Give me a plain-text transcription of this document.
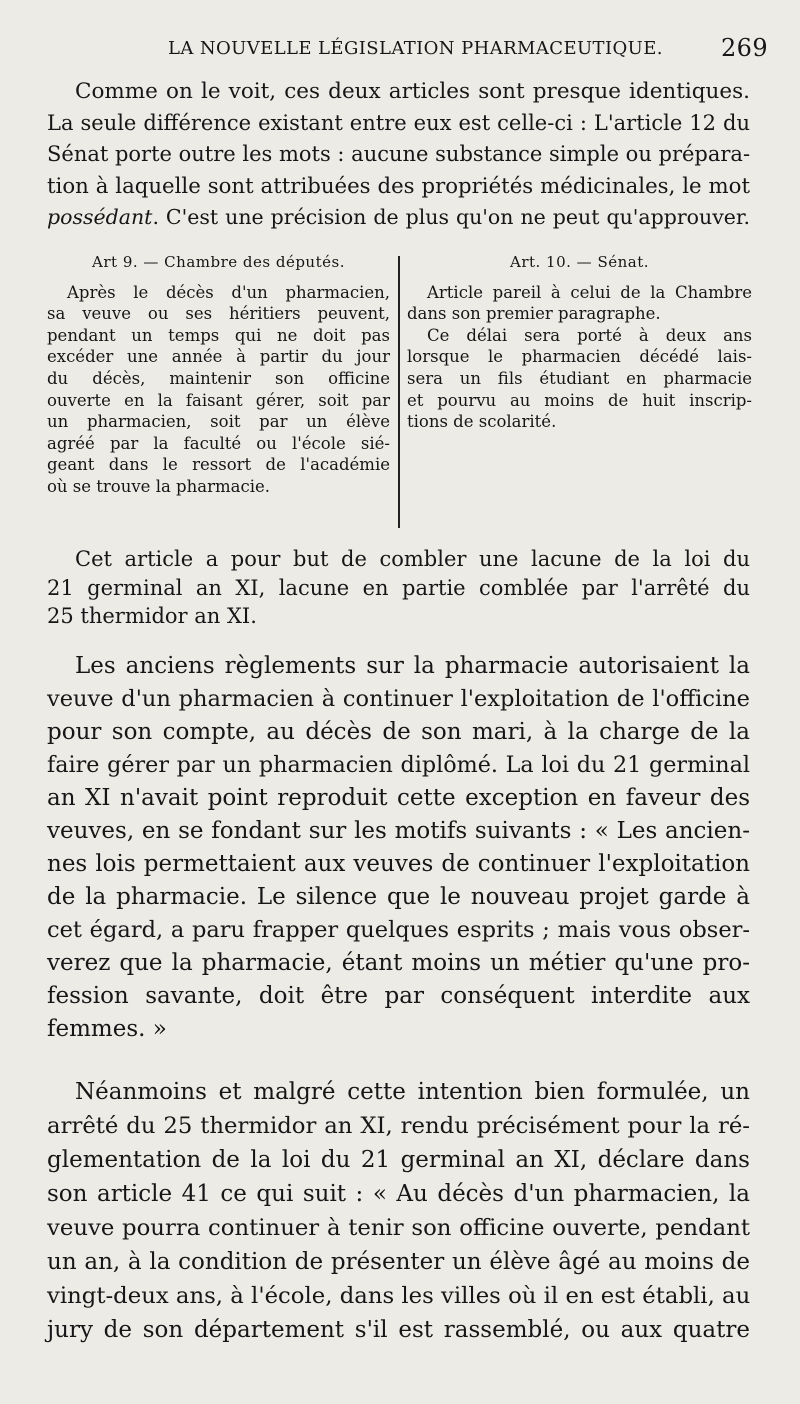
LA NOUVELLE LÉGISLATION PHARMACEUTIQUE. 269
Comme on le voit, ces deux articles sont presque identiques.
La seule différence existant entre eux est celle-ci : L'article 12 du
Sénat porte outre les mots : aucune substance simple ou prépara-
tion à laquelle sont attribuées des propriétés médicinales, le mot
possédant. C'est une précision de plus qu'on ne peut qu'approuver.
Art 9. — Chambre des députés.
Après le décès d'un pharmacien,
sa veuve ou ses héritiers peuvent,
pendant un temps qui ne doit pas
excéder une année à partir du jour
du décès, maintenir son officine
ouverte en la faisant gérer, soit par
un pharmacien, soit par un élève
agréé par la faculté ou l'école sié-
geant dans le ressort de l'académie
où se trouve la pharmacie.
Art. 10. — Sénat.
Article pareil à celui de la Chambre
dans son premier paragraphe.
Ce délai sera porté à deux ans
lorsque le pharmacien décédé lais-
sera un fils étudiant en pharmacie
et pourvu au moins de huit inscrip-
tions de scolarité.
Cet article a pour but de combler une lacune de la loi du
21 germinal an XI, lacune en partie comblée par l'arrêté du
25 thermidor an XI.
Les anciens règlements sur la pharmacie autorisaient la
veuve d'un pharmacien à continuer l'exploitation de l'officine
pour son compte, au décès de son mari, à la charge de la
faire gérer par un pharmacien diplômé. La loi du 21 germinal
an XI n'avait point reproduit cette exception en faveur des
veuves, en se fondant sur les motifs suivants : « Les ancien-
nes lois permettaient aux veuves de continuer l'exploitation
de la pharmacie. Le silence que le nouveau projet garde à
cet égard, a paru frapper quelques esprits ; mais vous obser-
verez que la pharmacie, étant moins un métier qu'une pro-
fession savante, doit être par conséquent interdite aux
femmes. »
Néanmoins et malgré cette intention bien formulée, un
arrêté du 25 thermidor an XI, rendu précisément pour la ré-
glementation de la loi du 21 germinal an XI, déclare dans
son article 41 ce qui suit : « Au décès d'un pharmacien, la
veuve pourra continuer à tenir son officine ouverte, pendant
un an, à la condition de présenter un élève âgé au moins de
vingt-deux ans, à l'école, dans les villes où il en est établi, au
jury de son département s'il est rassemblé, ou aux quatre
